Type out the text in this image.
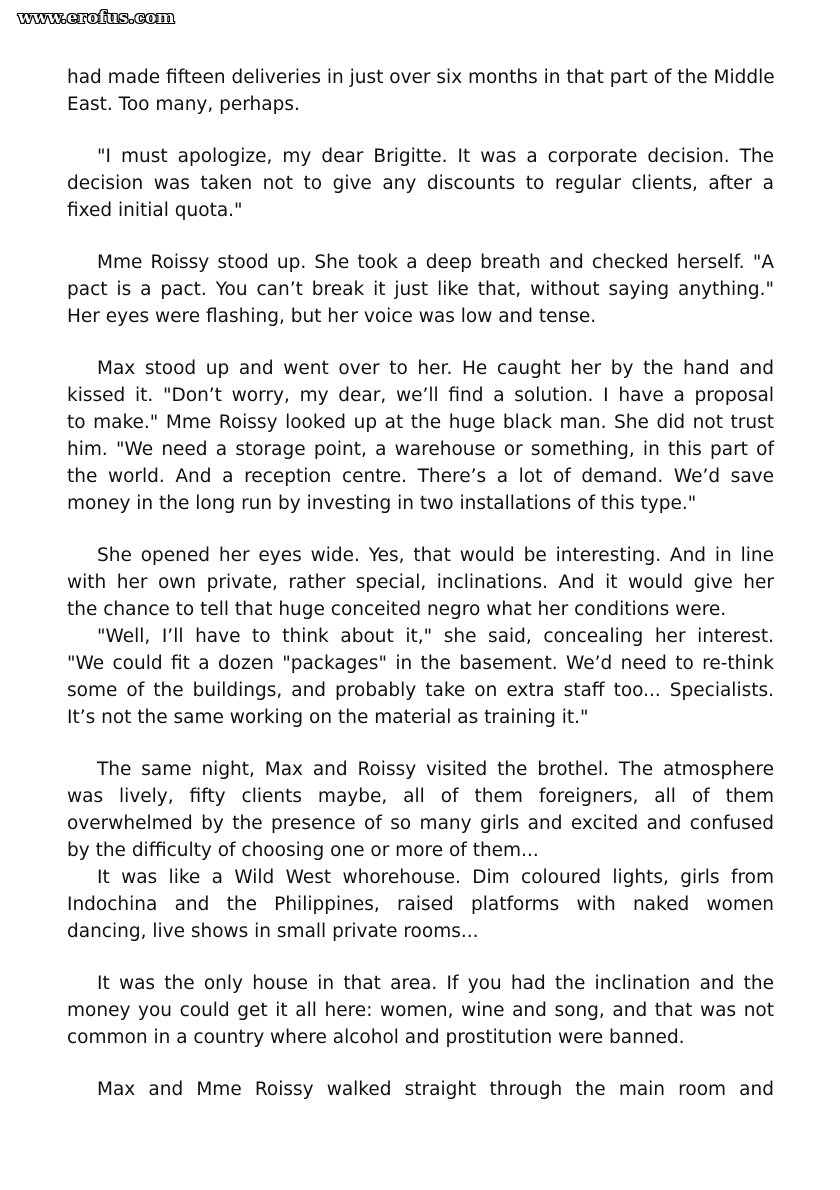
www.erofus.com
had made fifteen deliveries in just over six months in that part of the Middle
East. Too many, perhaps.
"I must apologize, my dear Brigitte. It was a corporate decision. The
decision was taken not to give any discounts to regular clients, after a
fixed initial quota."
Mme Roissy stood up. She took a deep breath and checked herself. "A
pact is a pact. You can’t break it just like that, without saying anything."
Her eyes were flashing, but her voice was low and tense.
Max stood up and went over to her. He caught her by the hand and
kissed it. "Don’t worry, my dear, we’ll find a solution. I have a proposal
to make." Mme Roissy looked up at the huge black man. She did not trust
him. "We need a storage point, a warehouse or something, in this part of
the world. And a reception centre. There’s a lot of demand. We’d save
money in the long run by investing in two installations of this type."
She opened her eyes wide. Yes, that would be interesting. And in line
with her own private, rather special, inclinations. And it would give her
the chance to tell that huge conceited negro what her conditions were.
"Well, I’ll have to think about it," she said, concealing her interest.
"We could fit a dozen "packages" in the basement. We’d need to re-think
some of the buildings, and probably take on extra staff too... Specialists.
It’s not the same working on the material as training it."
The same night, Max and Roissy visited the brothel. The atmosphere
was lively, fifty clients maybe, all of them foreigners, all of them
overwhelmed by the presence of so many girls and excited and confused
by the difficulty of choosing one or more of them...
It was like a Wild West whorehouse. Dim coloured lights, girls from
Indochina and the Philippines, raised platforms with naked women
dancing, live shows in small private rooms...
It was the only house in that area. If you had the inclination and the
money you could get it all here: women, wine and song, and that was not
common in a country where alcohol and prostitution were banned.
Max and Mme Roissy walked straight through the main room and
